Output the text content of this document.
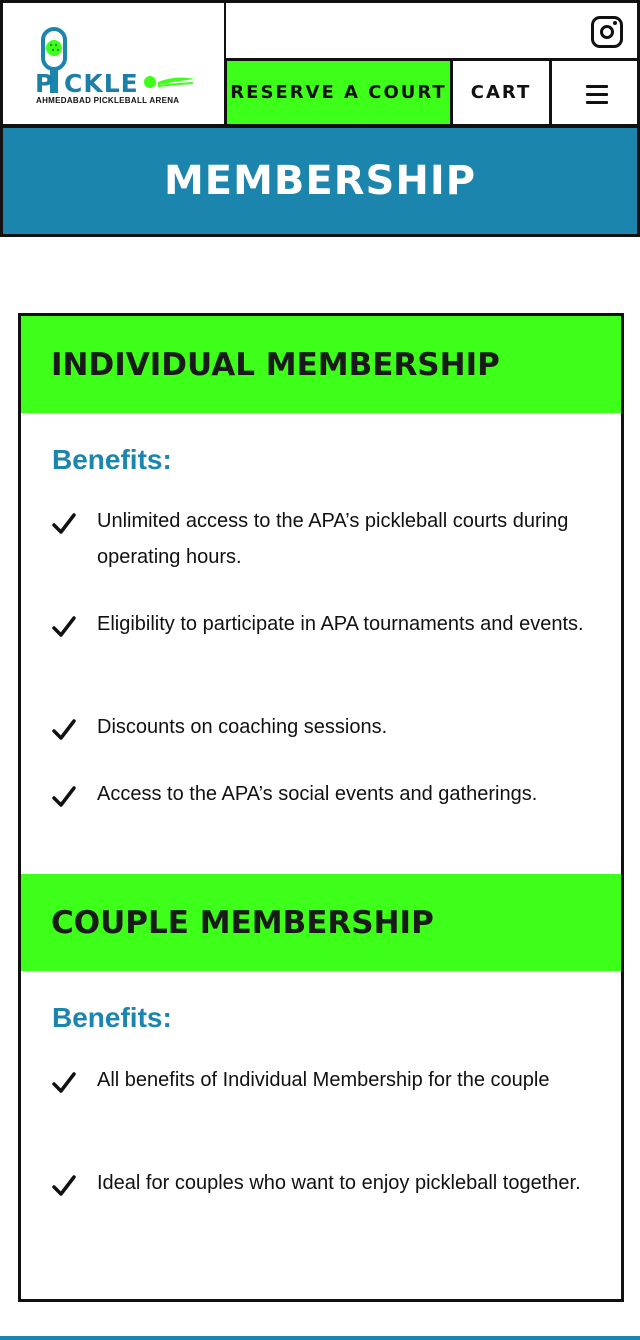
P CKLE
AHMEDABAD PICKLEBALL ARENA	RESERVE A COURT	CART
MEMBERSHIP
INDIVIDUAL MEMBERSHIP
Benefits:
Unlimited access to the APA’s pickleball courts during operating hours.
Eligibility to participate in APA tournaments and events.
Discounts on coaching sessions.
Access to the APA’s social events and gatherings.
COUPLE MEMBERSHIP
Benefits:
All benefits of Individual Membership for the couple
Ideal for couples who want to enjoy pickleball together.
